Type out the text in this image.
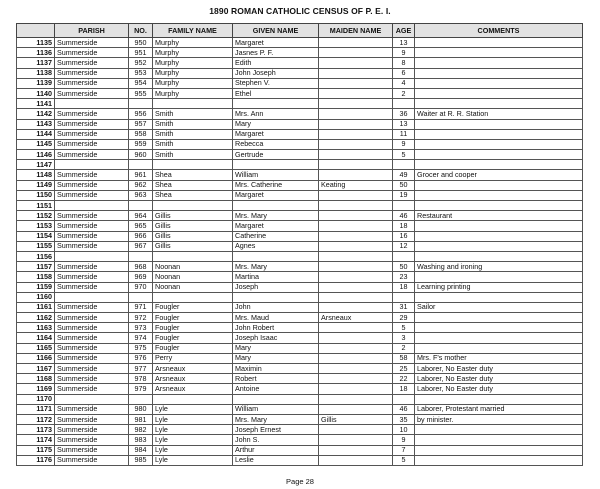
1890 ROMAN CATHOLIC CENSUS OF P. E. I.
	PARISH	NO.	FAMILY NAME	GIVEN NAME	MAIDEN NAME	AGE	COMMENTS
1135	Summerside	950	Murphy	Margaret		13	
1136	Summerside	951	Murphy	Jasnes P. F.		9	
1137	Summerside	952	Murphy	Edith		8	
1138	Summerside	953	Murphy	John Joseph		6	
1139	Summerside	954	Murphy	Stephen V.		4	
1140	Summerside	955	Murphy	Ethel		2	
1141							
1142	Summerside	956	Smith	Mrs. Ann		36	Waiter at R. R. Station
1143	Summerside	957	Smith	Mary		13	
1144	Summerside	958	Smith	Margaret		11	
1145	Summerside	959	Smith	Rebecca		9	
1146	Summerside	960	Smith	Gertrude		5	
1147							
1148	Summerside	961	Shea	William		49	Grocer and cooper
1149	Summerside	962	Shea	Mrs. Catherine	Keating	50	
1150	Summerside	963	Shea	Margaret		19	
1151							
1152	Summerside	964	Gillis	Mrs. Mary		46	Restaurant
1153	Summerside	965	Gillis	Margaret		18	
1154	Summerside	966	Gillis	Catherine		16	
1155	Summerside	967	Gillis	Agnes		12	
1156							
1157	Summerside	968	Noonan	Mrs. Mary		50	Washing and ironing
1158	Summerside	969	Noonan	Martina		23	
1159	Summerside	970	Noonan	Joseph		18	Learning printing
1160							
1161	Summerside	971	Fougler	John		31	Sailor
1162	Summerside	972	Fougler	Mrs. Maud	Arsneaux	29	
1163	Summerside	973	Fougler	John Robert		5	
1164	Summerside	974	Fougler	Joseph Isaac		3	
1165	Summerside	975	Fougler	Mary		2	
1166	Summerside	976	Perry	Mary		58	Mrs. F's mother
1167	Summerside	977	Arsneaux	Maximin		25	Laborer, No Easter duty
1168	Summerside	978	Arsneaux	Robert		22	Laborer, No Easter duty
1169	Summerside	979	Arsneaux	Antoine		18	Laborer, No Easter duty
1170							
1171	Summerside	980	Lyle	William		46	Laborer, Protestant married
1172	Summerside	981	Lyle	Mrs. Mary	Gillis	35	by minister.
1173	Summerside	982	Lyle	Joseph Ernest		10	
1174	Summerside	983	Lyle	John S.		9	
1175	Summerside	984	Lyle	Arthur		7	
1176	Summerside	985	Lyle	Leslie		5	
Page 28
